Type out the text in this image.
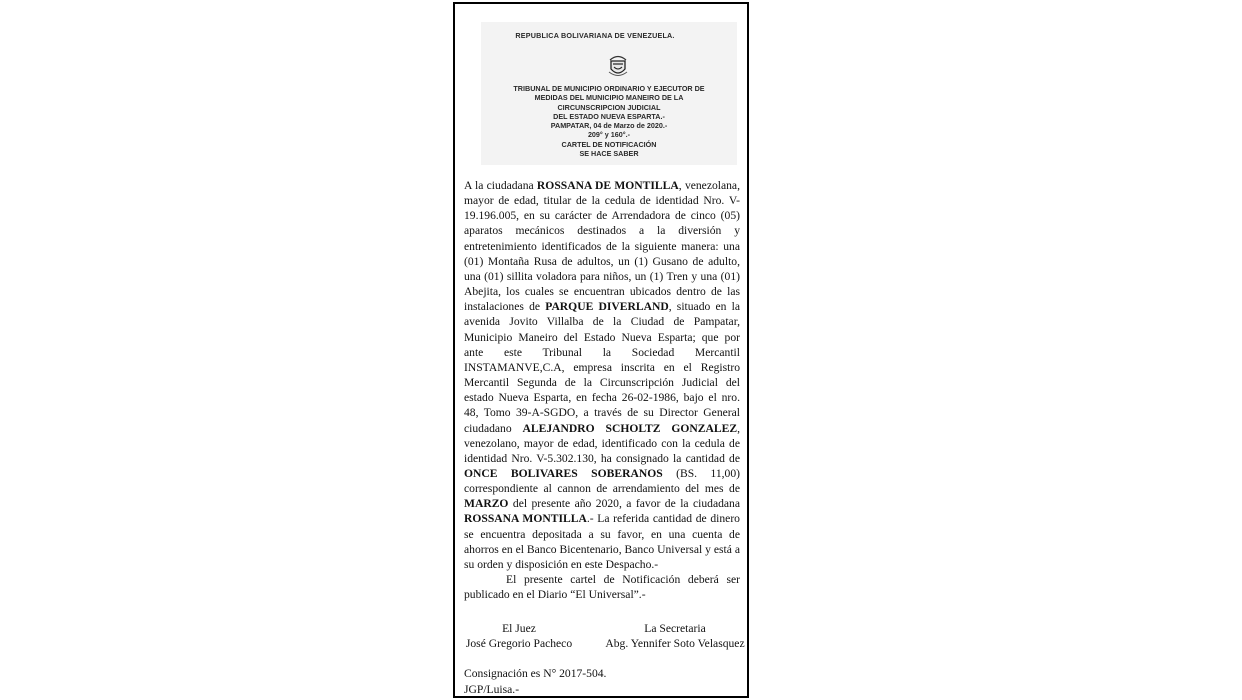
REPUBLICA BOLIVARIANA DE VENEZUELA.
TRIBUNAL DE MUNICIPIO ORDINARIO Y EJECUTOR DE
MEDIDAS DEL MUNICIPIO MANEIRO DE LA
CIRCUNSCRIPCION JUDICIAL
DEL ESTADO NUEVA ESPARTA.-
PAMPATAR, 04 de Marzo de 2020.-
209° y 160°.-
CARTEL DE NOTIFICACIÓN
SE HACE SABER

A la ciudadana ROSSANA DE MONTILLA, venezolana, mayor de edad, titular de la cedula de identidad Nro. V-19.196.005, en su carácter de Arrendadora de cinco (05) aparatos mecánicos destinados a la diversión y entretenimiento identificados de la siguiente manera: una (01) Montaña Rusa de adultos, un (1) Gusano de adulto, una (01) sillita voladora para niños, un (1) Tren y una (01) Abejita, los cuales se encuentran ubicados dentro de las instalaciones de PARQUE DIVERLAND, situado en la avenida Jovito Villalba de la Ciudad de Pampatar, Municipio Maneiro del Estado Nueva Esparta; que por ante este Tribunal la Sociedad Mercantil INSTAMANVE,C.A, empresa inscrita en el Registro Mercantil Segunda de la Circunscripción Judicial del estado Nueva Esparta, en fecha 26-02-1986, bajo el nro. 48, Tomo 39-A-SGDO, a través de su Director General ciudadano ALEJANDRO SCHOLTZ GONZALEZ, venezolano, mayor de edad, identificado con la cedula de identidad Nro. V-5.302.130, ha consignado la cantidad de ONCE BOLIVARES SOBERANOS (BS. 11,00) correspondiente al cannon de arrendamiento del mes de MARZO del presente año 2020, a favor de la ciudadana ROSSANA MONTILLA.- La referida cantidad de dinero se encuentra depositada a su favor, en una cuenta de ahorros en el Banco Bicentenario, Banco Universal y está a su orden y disposición en este Despacho.-

El presente cartel de Notificación deberá ser publicado en el Diario “El Universal”.-

El Juez
José Gregorio Pacheco
La Secretaria
Abg. Yennifer Soto Velasquez
Consignación es N° 2017-504.
JGP/Luisa.-
